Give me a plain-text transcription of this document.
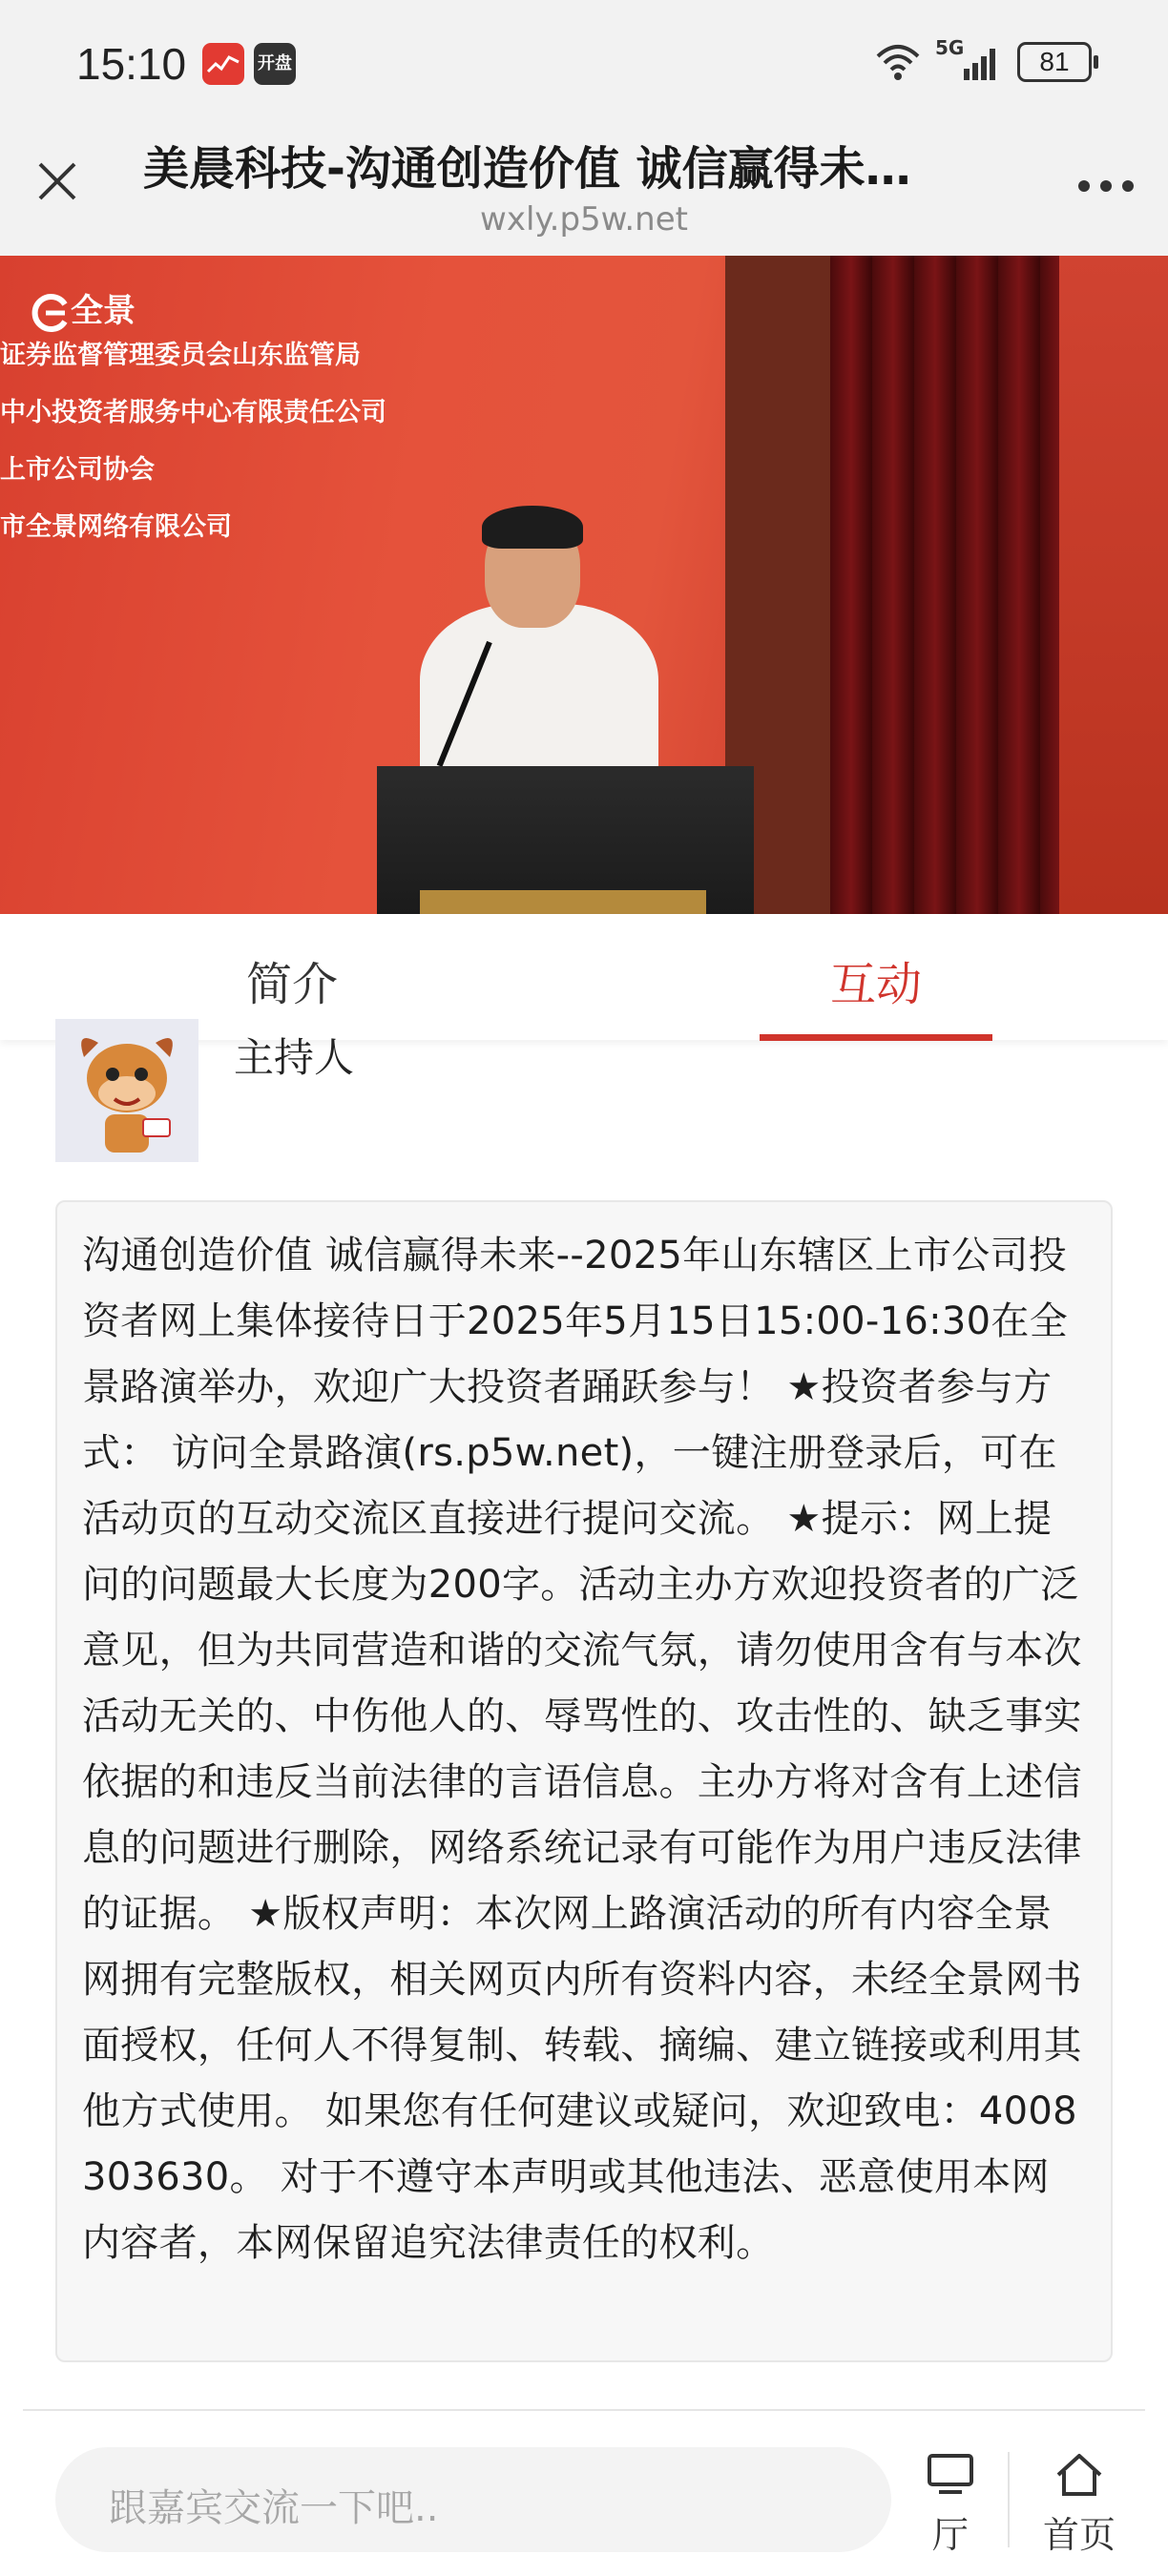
15:10	开盘
5G	81
美晨科技-沟通创造价值 诚信赢得未…
wxly.p5w.net
全景
证券监督管理委员会山东监管局
中小投资者服务中心有限责任公司
上市公司协会
市全景网络有限公司
简介	互动
主持人
沟通创造价值 诚信赢得未来--2025年山东辖区上市公司投资者网上集体接待日于2025年5月15日15:00-16:30在全景路演举办，欢迎广大投资者踊跃参与！ ★投资者参与方式： 访问全景路演(rs.p5w.net)，一键注册登录后，可在活动页的互动交流区直接进行提问交流。 ★提示：网上提问的问题最大长度为200字。活动主办方欢迎投资者的广泛意见，但为共同营造和谐的交流气氛，请勿使用含有与本次活动无关的、中伤他人的、辱骂性的、攻击性的、缺乏事实依据的和违反当前法律的言语信息。主办方将对含有上述信息的问题进行删除，网络系统记录有可能作为用户违反法律的证据。 ★版权声明：本次网上路演活动的所有内容全景网拥有完整版权，相关网页内所有资料内容，未经全景网书面授权，任何人不得复制、转载、摘编、建立链接或利用其他方式使用。 如果您有任何建议或疑问，欢迎致电：4008303630。 对于不遵守本声明或其他违法、恶意使用本网内容者，本网保留追究法律责任的权利。
跟嘉宾交流一下吧..
厅	首页
